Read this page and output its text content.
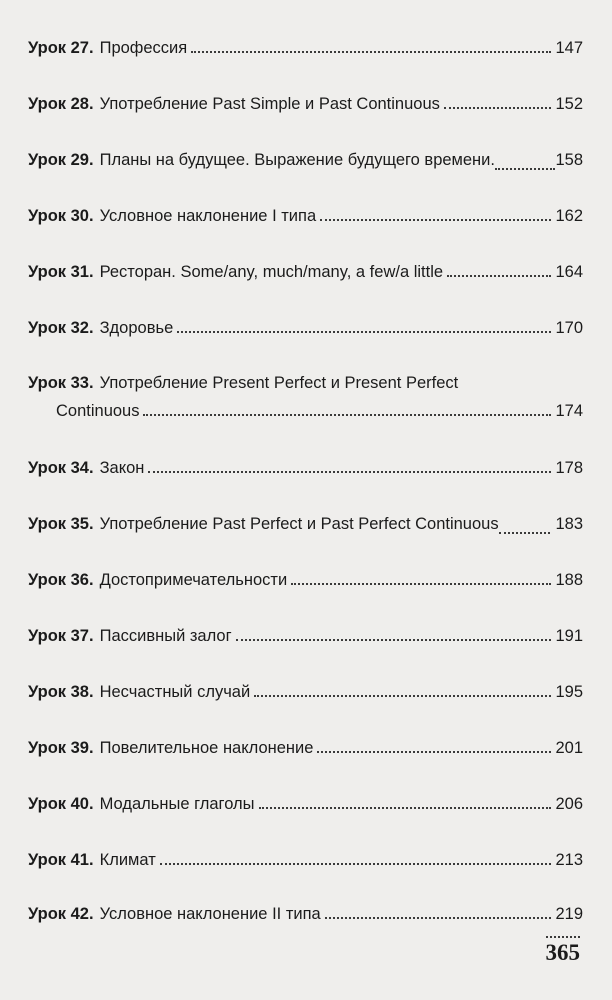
Урок 27. Профессия	147
Урок 28. Употребление Past Simple и Past Continuous	152
Урок 29. Планы на будущее. Выражение будущего времени.	158
Урок 30. Условное наклонение I типа	162
Урок 31. Ресторан. Some/any, much/many, a few/a little	164
Урок 32. Здоровье	170
Урок 33. Употребление Present Perfect и Present Perfect
Continuous	174
Урок 34. Закон	178
Урок 35. Употребление Past Perfect и Past Perfect Continuous	183
Урок 36. Достопримечательности	188
Урок 37. Пассивный залог	191
Урок 38. Несчастный случай	195
Урок 39. Повелительное наклонение	201
Урок 40. Модальные глаголы	206
Урок 41. Климат	213
Урок 42. Условное наклонение II типа	219
365
